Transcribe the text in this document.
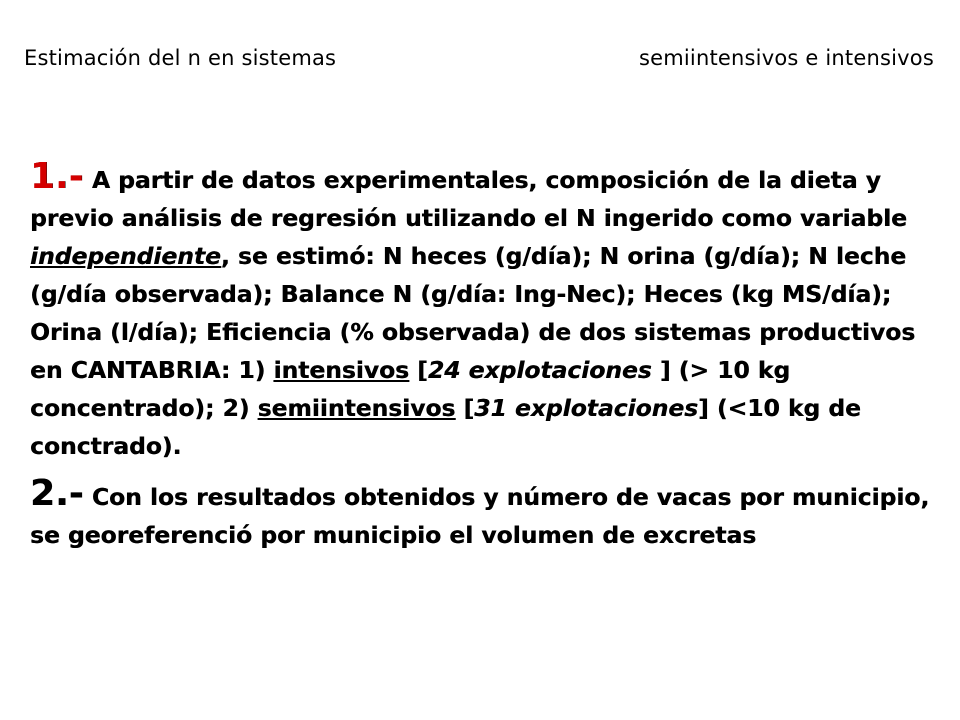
Estimación del n en sistemas	semiintensivos e intensivos

1.- A partir de datos experimentales, composición de la dieta y previo análisis de regresión utilizando el N ingerido como variable independiente, se estimó: N heces (g/día); N orina (g/día); N leche (g/día observada); Balance N (g/día: Ing-Nec); Heces (kg MS/día); Orina (l/día); Eficiencia (% observada) de dos sistemas productivos en CANTABRIA: 1) intensivos [24 explotaciones ] (> 10 kg concentrado); 2) semiintensivos [31 explotaciones] (<10 kg de conctrado).

2.- Con los resultados obtenidos y número de vacas por municipio, se georeferenció por municipio el volumen de excretas
